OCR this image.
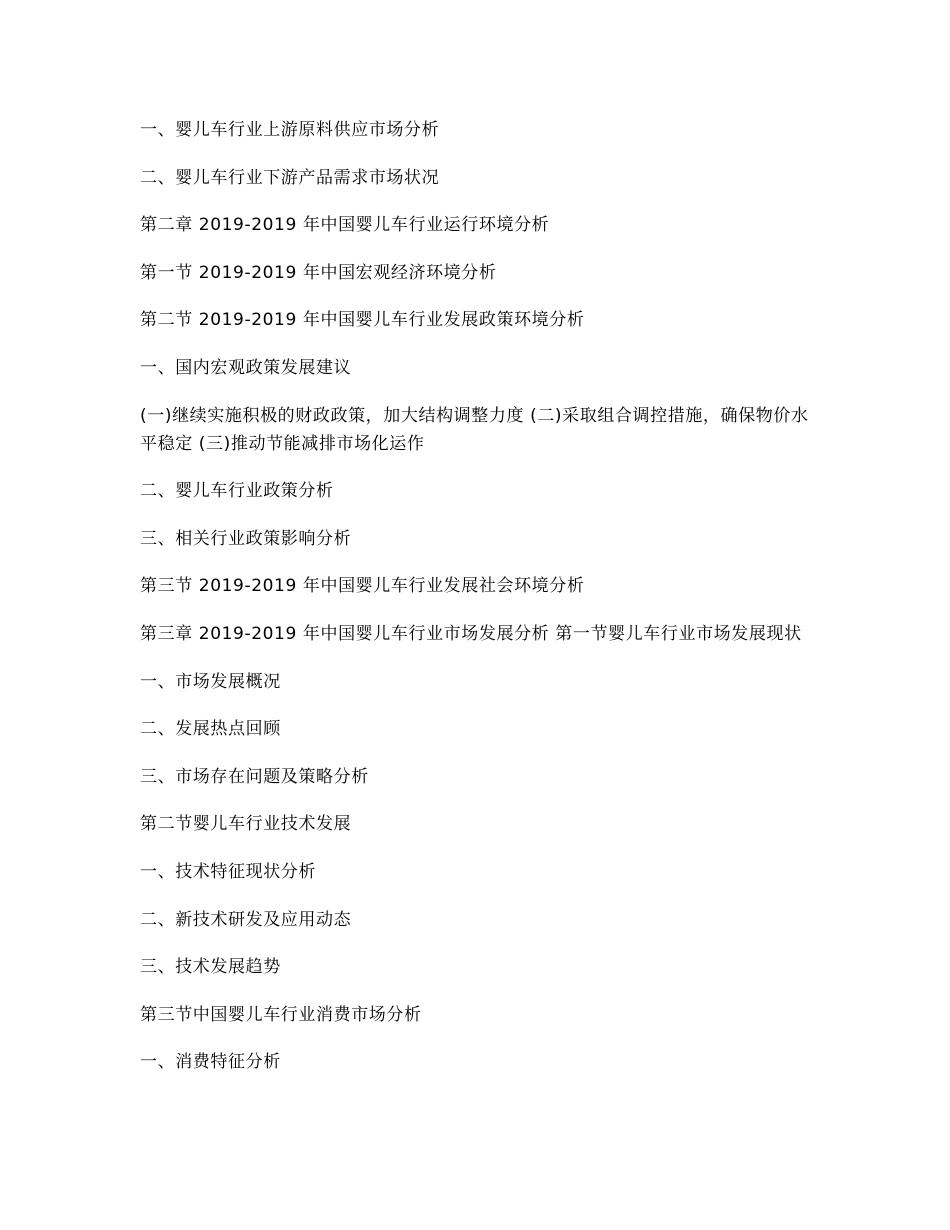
一、婴儿车行业上游原料供应市场分析

二、婴儿车行业下游产品需求市场状况

第二章 2019-2019 年中国婴儿车行业运行环境分析

第一节 2019-2019 年中国宏观经济环境分析

第二节 2019-2019 年中国婴儿车行业发展政策环境分析

一、国内宏观政策发展建议

(一)继续实施积极的财政政策，加大结构调整力度 (二)采取组合调控措施，确保物价水平稳定 (三)推动节能减排市场化运作

二、婴儿车行业政策分析

三、相关行业政策影响分析

第三节 2019-2019 年中国婴儿车行业发展社会环境分析

第三章 2019-2019 年中国婴儿车行业市场发展分析 第一节婴儿车行业市场发展现状

一、市场发展概况

二、发展热点回顾

三、市场存在问题及策略分析

第二节婴儿车行业技术发展

一、技术特征现状分析

二、新技术研发及应用动态

三、技术发展趋势

第三节中国婴儿车行业消费市场分析

一、消费特征分析
